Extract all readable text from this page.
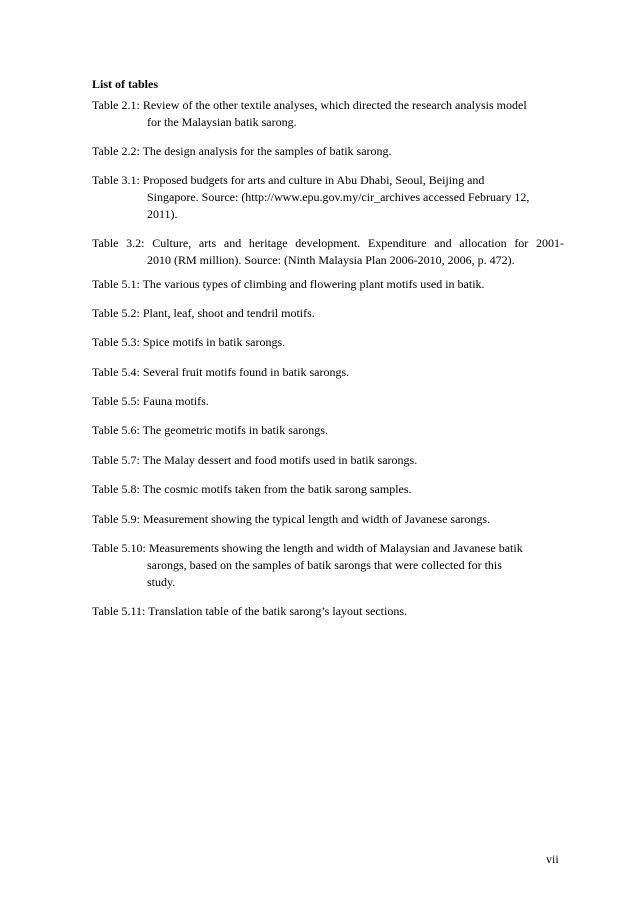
List of tables
Table 2.1: Review of the other textile analyses, which directed the research analysis model
for the Malaysian batik sarong.
Table 2.2: The design analysis for the samples of batik sarong.
Table 3.1: Proposed budgets for arts and culture in Abu Dhabi, Seoul, Beijing and
Singapore. Source: (http://www.epu.gov.my/cir_archives accessed February 12,
2011).
Table 3.2: Culture, arts and heritage development. Expenditure and allocation for 2001-
2010 (RM million). Source: (Ninth Malaysia Plan 2006-2010, 2006, p. 472).
Table 5.1: The various types of climbing and flowering plant motifs used in batik.
Table 5.2: Plant, leaf, shoot and tendril motifs.
Table 5.3: Spice motifs in batik sarongs.
Table 5.4: Several fruit motifs found in batik sarongs.
Table 5.5: Fauna motifs.
Table 5.6: The geometric motifs in batik sarongs.
Table 5.7: The Malay dessert and food motifs used in batik sarongs.
Table 5.8: The cosmic motifs taken from the batik sarong samples.
Table 5.9: Measurement showing the typical length and width of Javanese sarongs.
Table 5.10: Measurements showing the length and width of Malaysian and Javanese batik
sarongs, based on the samples of batik sarongs that were collected for this
study.
Table 5.11: Translation table of the batik sarong’s layout sections.
vii
